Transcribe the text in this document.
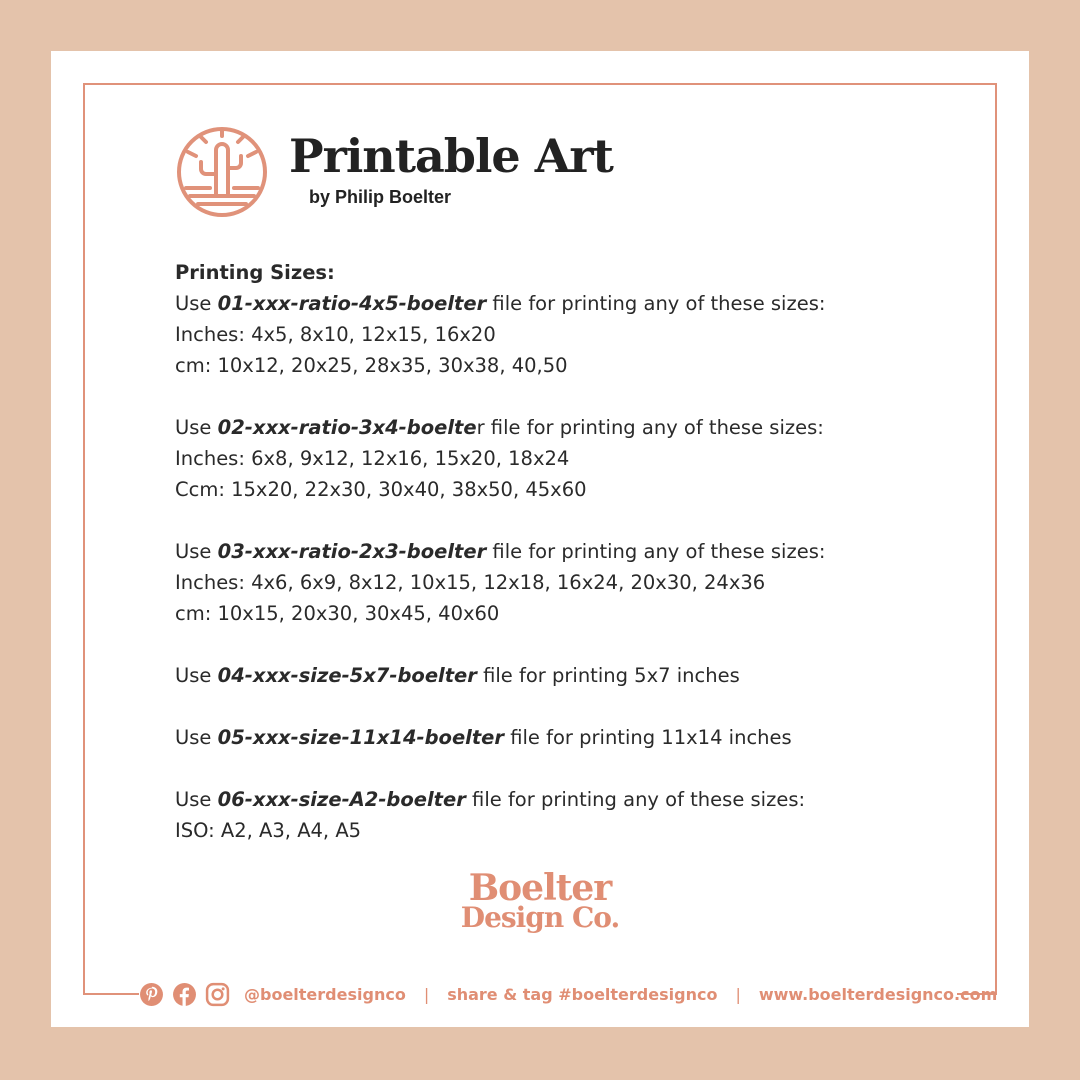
Printable Art
by Philip Boelter
Printing Sizes:
Use 01-xxx-ratio-4x5-boelter file for printing any of these sizes:
Inches: 4x5, 8x10, 12x15, 16x20
cm: 10x12, 20x25, 28x35, 30x38, 40,50
Use 02-xxx-ratio-3x4-boelter file for printing any of these sizes:
Inches: 6x8, 9x12, 12x16, 15x20, 18x24
Ccm: 15x20, 22x30, 30x40, 38x50, 45x60
Use 03-xxx-ratio-2x3-boelter file for printing any of these sizes:
Inches: 4x6, 6x9, 8x12, 10x15, 12x18, 16x24, 20x30, 24x36
cm: 10x15, 20x30, 30x45, 40x60
Use 04-xxx-size-5x7-boelter file for printing 5x7 inches
Use 05-xxx-size-11x14-boelter file for printing 11x14 inches
Use 06-xxx-size-A2-boelter file for printing any of these sizes:
ISO: A2, A3, A4, A5
Boelter
Design Co.
@boelterdesignco | share & tag #boelterdesignco | www.boelterdesignco.com
